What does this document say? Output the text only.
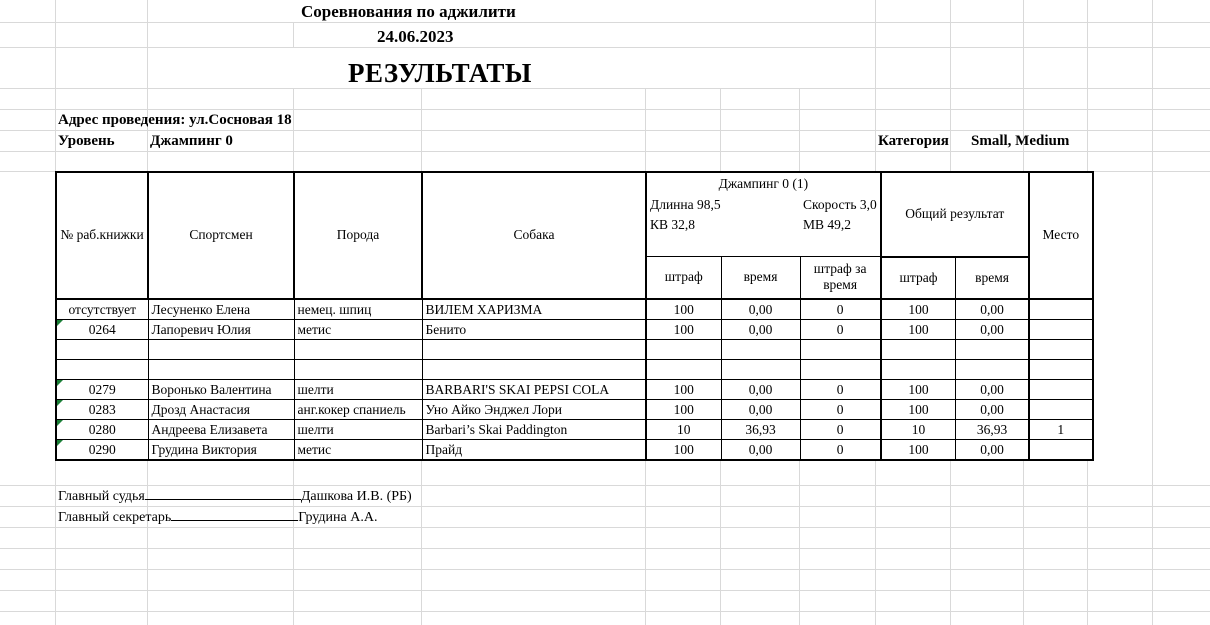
Соревнования по аджилити
24.06.2023
РЕЗУЛЬТАТЫ
Адрес проведения: ул.Сосновая 18
Уровень Джампинг 0	Категория Small, Medium
№ раб.книжки	Спортсмен	Порода	Собака	Джампинг 0 (1)			Общий результат		Место
				Длинна 98,5		Скорость 3,0			
				КВ 32,8		МВ 49,2			
				штраф	время	штраф за время	штраф	время	
отсутствует	Лесуненко Елена	немец. шпиц	ВИЛЕМ ХАРИЗМА	100	0,00	0	100	0,00	
0264	Лапоревич Юлия	метис	Бенито	100	0,00	0	100	0,00	

0279	Воронько Валентина	шелти	BARBARI'S SKAI PEPSI COLA	100	0,00	0	100	0,00	
0283	Дрозд Анастасия	анг.кокер спаниель	Уно Айко Энджел Лори	100	0,00	0	100	0,00	
0280	Андреева Елизавета	шелти	Barbari’s Skai Paddington	10	36,93	0	10	36,93	1
0290	Грудина Виктория	метис	Прайд	100	0,00	0	100	0,00	
Главный судья	Дашкова И.В. (РБ)
Главный секретарь	Грудина А.А.
